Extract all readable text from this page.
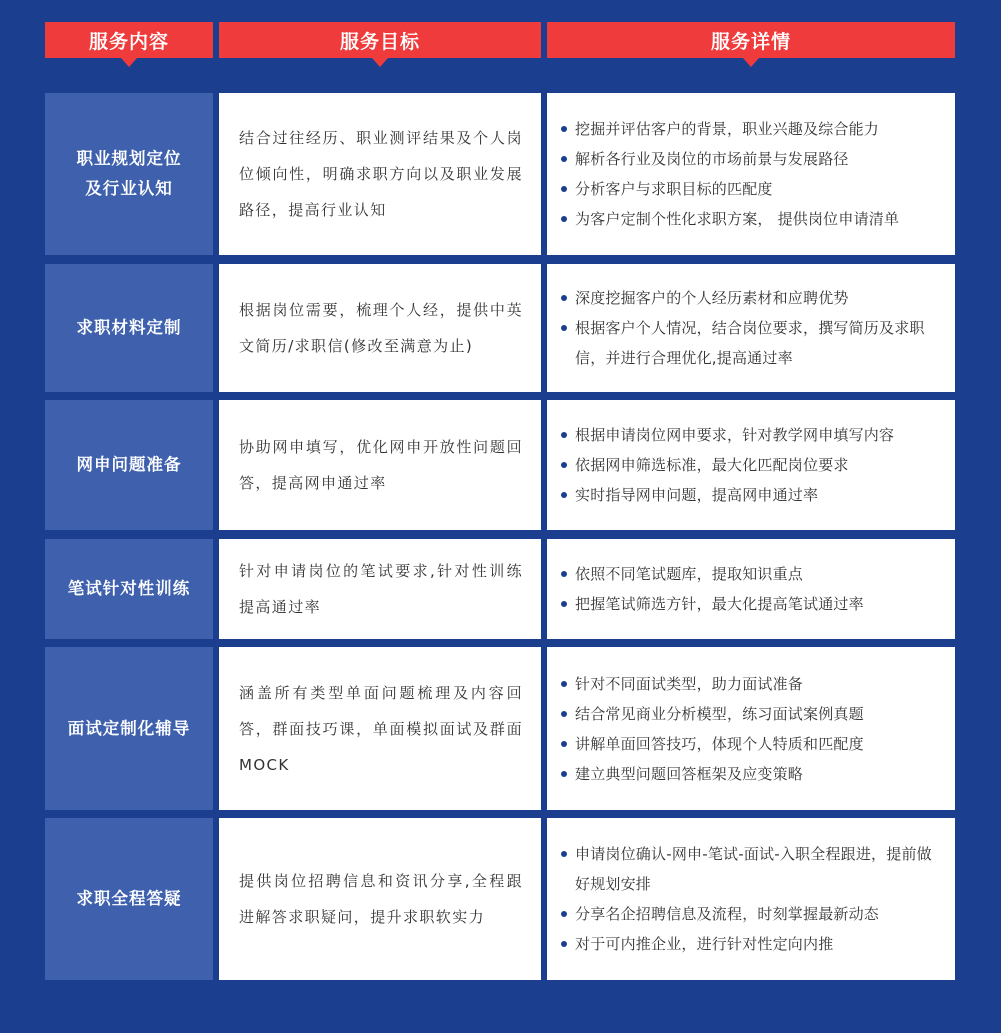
服务内容	服务目标	服务详情
职业规划定位
及行业认知
结合过往经历、职业测评结果及个人岗位倾向性，明确求职方向以及职业发展路径，提高行业认知
挖掘并评估客户的背景，职业兴趣及综合能力
解析各行业及岗位的市场前景与发展路径
分析客户与求职目标的匹配度
为客户定制个性化求职方案， 提供岗位申请清单
求职材料定制
根据岗位需要，梳理个人经，提供中英文简历/求职信(修改至满意为止)
深度挖掘客户的个人经历素材和应聘优势
根据客户个人情况，结合岗位要求，撰写简历及求职信，并进行合理优化,提高通过率
网申问题准备
协助网申填写，优化网申开放性问题回答，提高网申通过率
根据申请岗位网申要求，针对教学网申填写内容
依据网申筛选标准，最大化匹配岗位要求
实时指导网申问题，提高网申通过率
笔试针对性训练
针对申请岗位的笔试要求,针对性训练提高通过率
依照不同笔试题库，提取知识重点
把握笔试筛选方针，最大化提高笔试通过率
面试定制化辅导
涵盖所有类型单面问题梳理及内容回答，群面技巧课，单面模拟面试及群面MOCK
针对不同面试类型，助力面试准备
结合常见商业分析模型，练习面试案例真题
讲解单面回答技巧，体现个人特质和匹配度
建立典型问题回答框架及应变策略
求职全程答疑
提供岗位招聘信息和资讯分享,全程跟进解答求职疑问，提升求职软实力
申请岗位确认-网申-笔试-面试-入职全程跟进，提前做好规划安排
分享名企招聘信息及流程，时刻掌握最新动态
对于可内推企业，进行针对性定向内推
